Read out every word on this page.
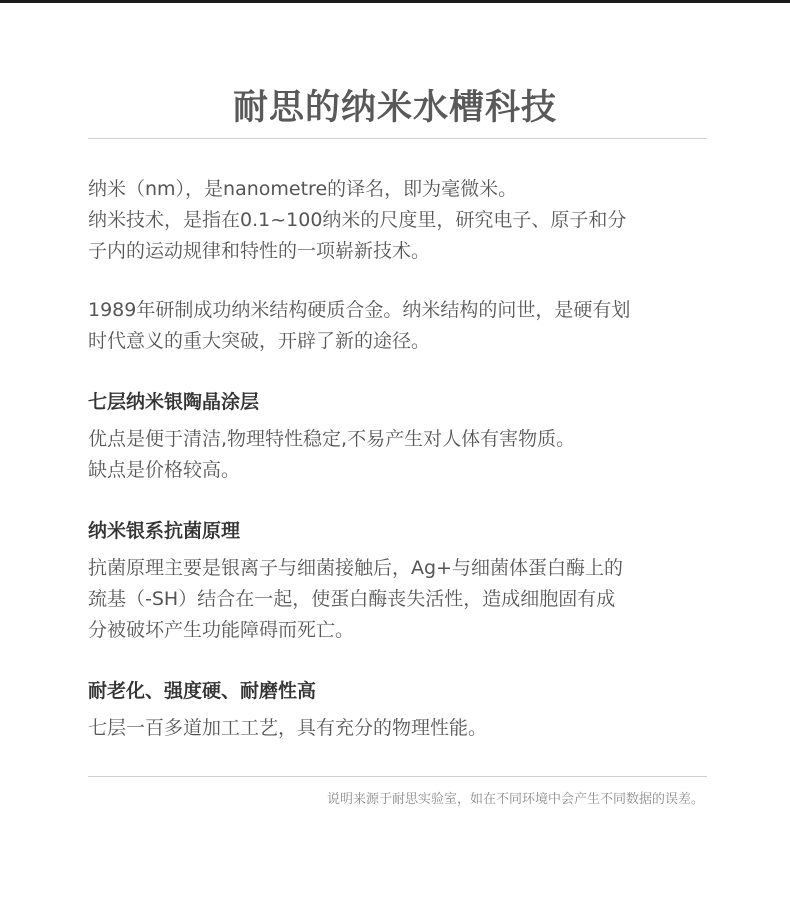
耐思的纳米水槽科技

纳米（nm），是nanometre的译名，即为毫微米。

纳米技术，是指在0.1~100纳米的尺度里，研究电子、原子和分

子内的运动规律和特性的一项崭新技术。

1989年研制成功纳米结构硬质合金。纳米结构的问世，是硬有划

时代意义的重大突破，开辟了新的途径。

七层纳米银陶晶涂层

优点是便于清洁,物理特性稳定,不易产生对人体有害物质。

缺点是价格较高。

纳米银系抗菌原理

抗菌原理主要是银离子与细菌接触后，Ag+与细菌体蛋白酶上的

巯基（-SH）结合在一起，使蛋白酶丧失活性，造成细胞固有成

分被破坏产生功能障碍而死亡。

耐老化、强度硬、耐磨性高

七层一百多道加工工艺，具有充分的物理性能。

说明来源于耐思实验室，如在不同环境中会产生不同数据的误差。
